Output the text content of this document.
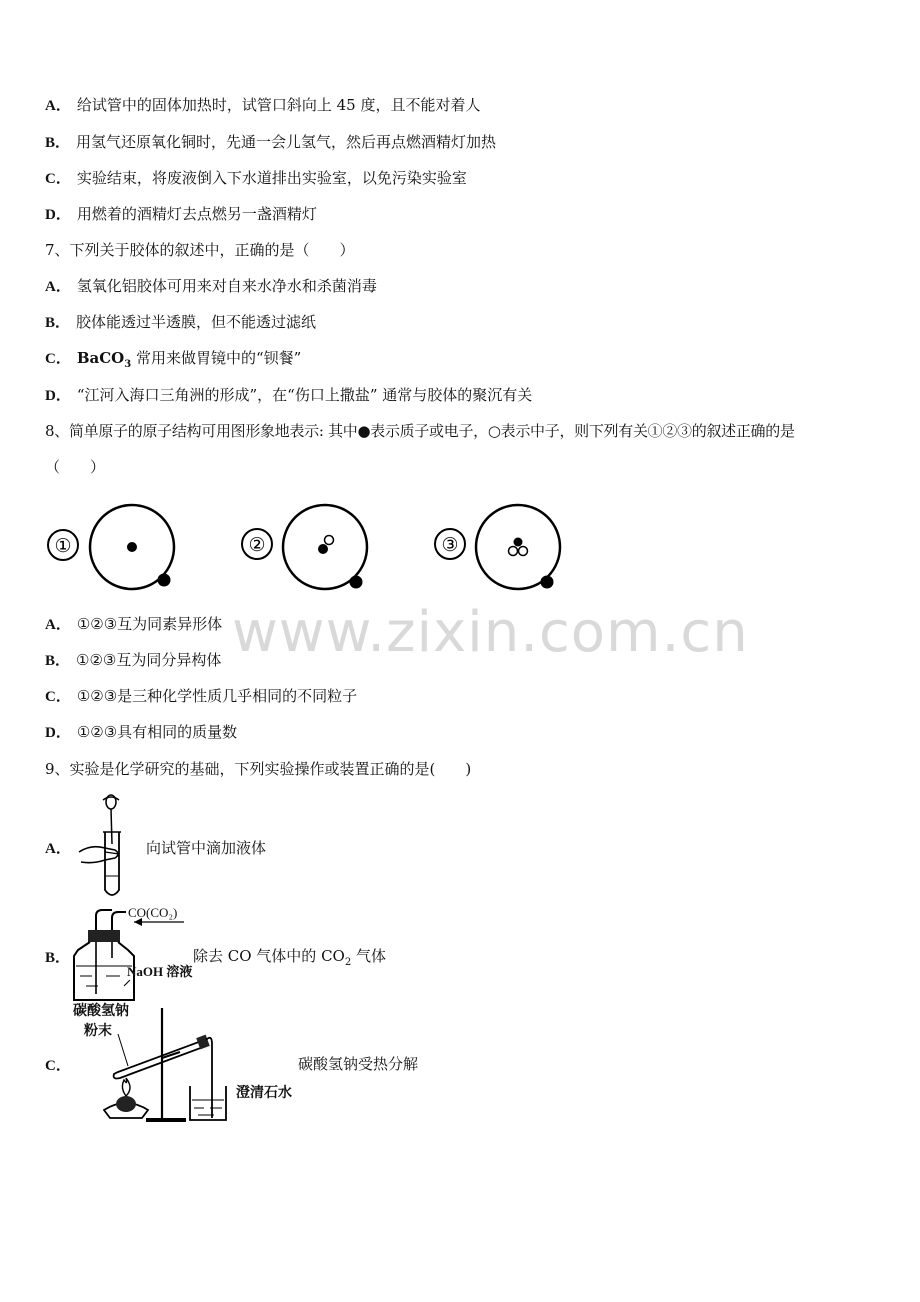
A． 给试管中的固体加热时，试管口斜向上 45 度，且不能对着人
B． 用氢气还原氧化铜时，先通一会儿氢气，然后再点燃酒精灯加热
C． 实验结束，将废液倒入下水道排出实验室，以免污染实验室
D． 用燃着的酒精灯去点燃另一盏酒精灯
7、下列关于胶体的叙述中，正确的是（　　）
A． 氢氧化铝胶体可用来对自来水净水和杀菌消毒
B． 胶体能透过半透膜，但不能透过滤纸
C． BaCO$_3$ 常用来做胃镜中的“钡餐”
D． “江河入海口三角洲的形成”，在“伤口上撒盐” 通常与胶体的聚沉有关
8、简单原子的原子结构可用图形象地表示: 其中●表示质子或电子，○表示中子，则下列有关①②③的叙述正确的是
（　　）
①	②	③
A． ①②③互为同素异形体
B． ①②③互为同分异构体
C． ①②③是三种化学性质几乎相同的不同粒子
D． ①②③具有相同的质量数
9、实验是化学研究的基础，下列实验操作或装置正确的是(　　)
A．	向试管中滴加液体
B．
CO(CO₂)
NaOH 溶液
除去 CO 气体中的 $CO_2$ 气体
C．
碳酸氢钠
粉末
澄清石水
碳酸氢钠受热分解
www.zixin.com.cn
